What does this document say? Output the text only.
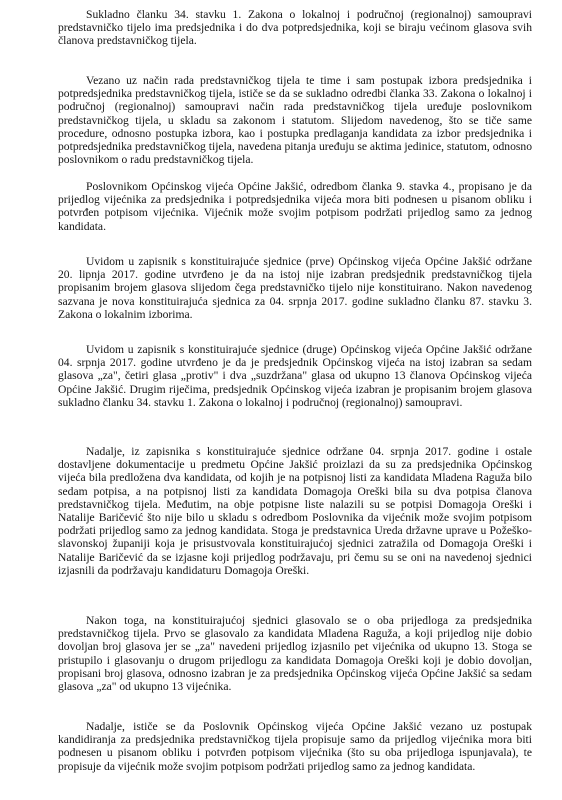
Sukladno članku 34. stavku 1. Zakona o lokalnoj i područnoj (regionalnoj) samoupravi predstavničko tijelo ima predsjednika i do dva potpredsjednika, koji se biraju većinom glasova svih članova predstavničkog tijela.

Vezano uz način rada predstavničkog tijela te time i sam postupak izbora predsjednika i potpredsjednika predstavničkog tijela, ističe se da se sukladno odredbi članka 33. Zakona o lokalnoj i područnoj (regionalnoj) samoupravi način rada predstavničkog tijela uređuje poslovnikom predstavničkog tijela, u skladu sa zakonom i statutom. Slijedom navedenog, što se tiče same procedure, odnosno postupka izbora, kao i postupka predlaganja kandidata za izbor predsjednika i potpredsjednika predstavničkog tijela, navedena pitanja uređuju se aktima jedinice, statutom, odnosno poslovnikom o radu predstavničkog tijela.

Poslovnikom Općinskog vijeća Općine Jakšić, odredbom članka 9. stavka 4., propisano je da prijedlog vijećnika za predsjednika i potpredsjednika vijeća mora biti podnesen u pisanom obliku i potvrđen potpisom vijećnika. Vijećnik može svojim potpisom podržati prijedlog samo za jednog kandidata.

Uvidom u zapisnik s konstituirajuće sjednice (prve) Općinskog vijeća Općine Jakšić održane 20. lipnja 2017. godine utvrđeno je da na istoj nije izabran predsjednik predstavničkog tijela propisanim brojem glasova slijedom čega predstavničko tijelo nije konstituirano. Nakon navedenog sazvana je nova konstituirajuća sjednica za 04. srpnja 2017. godine sukladno članku 87. stavku 3. Zakona o lokalnim izborima.

Uvidom u zapisnik s konstituirajuće sjednice (druge) Općinskog vijeća Općine Jakšić održane 04. srpnja 2017. godine utvrđeno je da je predsjednik Općinskog vijeća na istoj izabran sa sedam glasova „za", četiri glasa „protiv" i dva „suzdržana" glasa od ukupno 13 članova Općinskog vijeća Općine Jakšić. Drugim riječima, predsjednik Općinskog vijeća izabran je propisanim brojem glasova sukladno članku 34. stavku 1. Zakona o lokalnoj i područnoj (regionalnoj) samoupravi.

Nadalje, iz zapisnika s konstituirajuće sjednice održane 04. srpnja 2017. godine i ostale dostavljene dokumentacije u predmetu Općine Jakšić proizlazi da su za predsjednika Općinskog vijeća bila predložena dva kandidata, od kojih je na potpisnoj listi za kandidata Mladena Raguža bilo sedam potpisa, a na potpisnoj listi za kandidata Domagoja Oreški bila su dva potpisa članova predstavničkog tijela. Međutim, na obje potpisne liste nalazili su se potpisi Domagoja Oreški i Natalije Baričević što nije bilo u skladu s odredbom Poslovnika da vijećnik može svojim potpisom podržati prijedlog samo za jednog kandidata. Stoga je predstavnica Ureda državne uprave u Požeško-slavonskoj županiji koja je prisustvovala konstituirajućoj sjednici zatražila od Domagoja Oreški i Natalije Baričević da se izjasne koji prijedlog podržavaju, pri čemu su se oni na navedenoj sjednici izjasnili da podržavaju kandidaturu Domagoja Oreški.

Nakon toga, na konstituirajućoj sjednici glasovalo se o oba prijedloga za predsjednika predstavničkog tijela. Prvo se glasovalo za kandidata Mladena Raguža, a koji prijedlog nije dobio dovoljan broj glasova jer se „za" navedeni prijedlog izjasnilo pet vijećnika od ukupno 13. Stoga se pristupilo i glasovanju o drugom prijedlogu za kandidata Domagoja Oreški koji je dobio dovoljan, propisani broj glasova, odnosno izabran je za predsjednika Općinskog vijeća Općine Jakšić sa sedam glasova „za" od ukupno 13 vijećnika.

Nadalje, ističe se da Poslovnik Općinskog vijeća Općine Jakšić vezano uz postupak kandidiranja za predsjednika predstavničkog tijela propisuje samo da prijedlog vijećnika mora biti podnesen u pisanom obliku i potvrđen potpisom vijećnika (što su oba prijedloga ispunjavala), te propisuje da vijećnik može svojim potpisom podržati prijedlog samo za jednog kandidata.
